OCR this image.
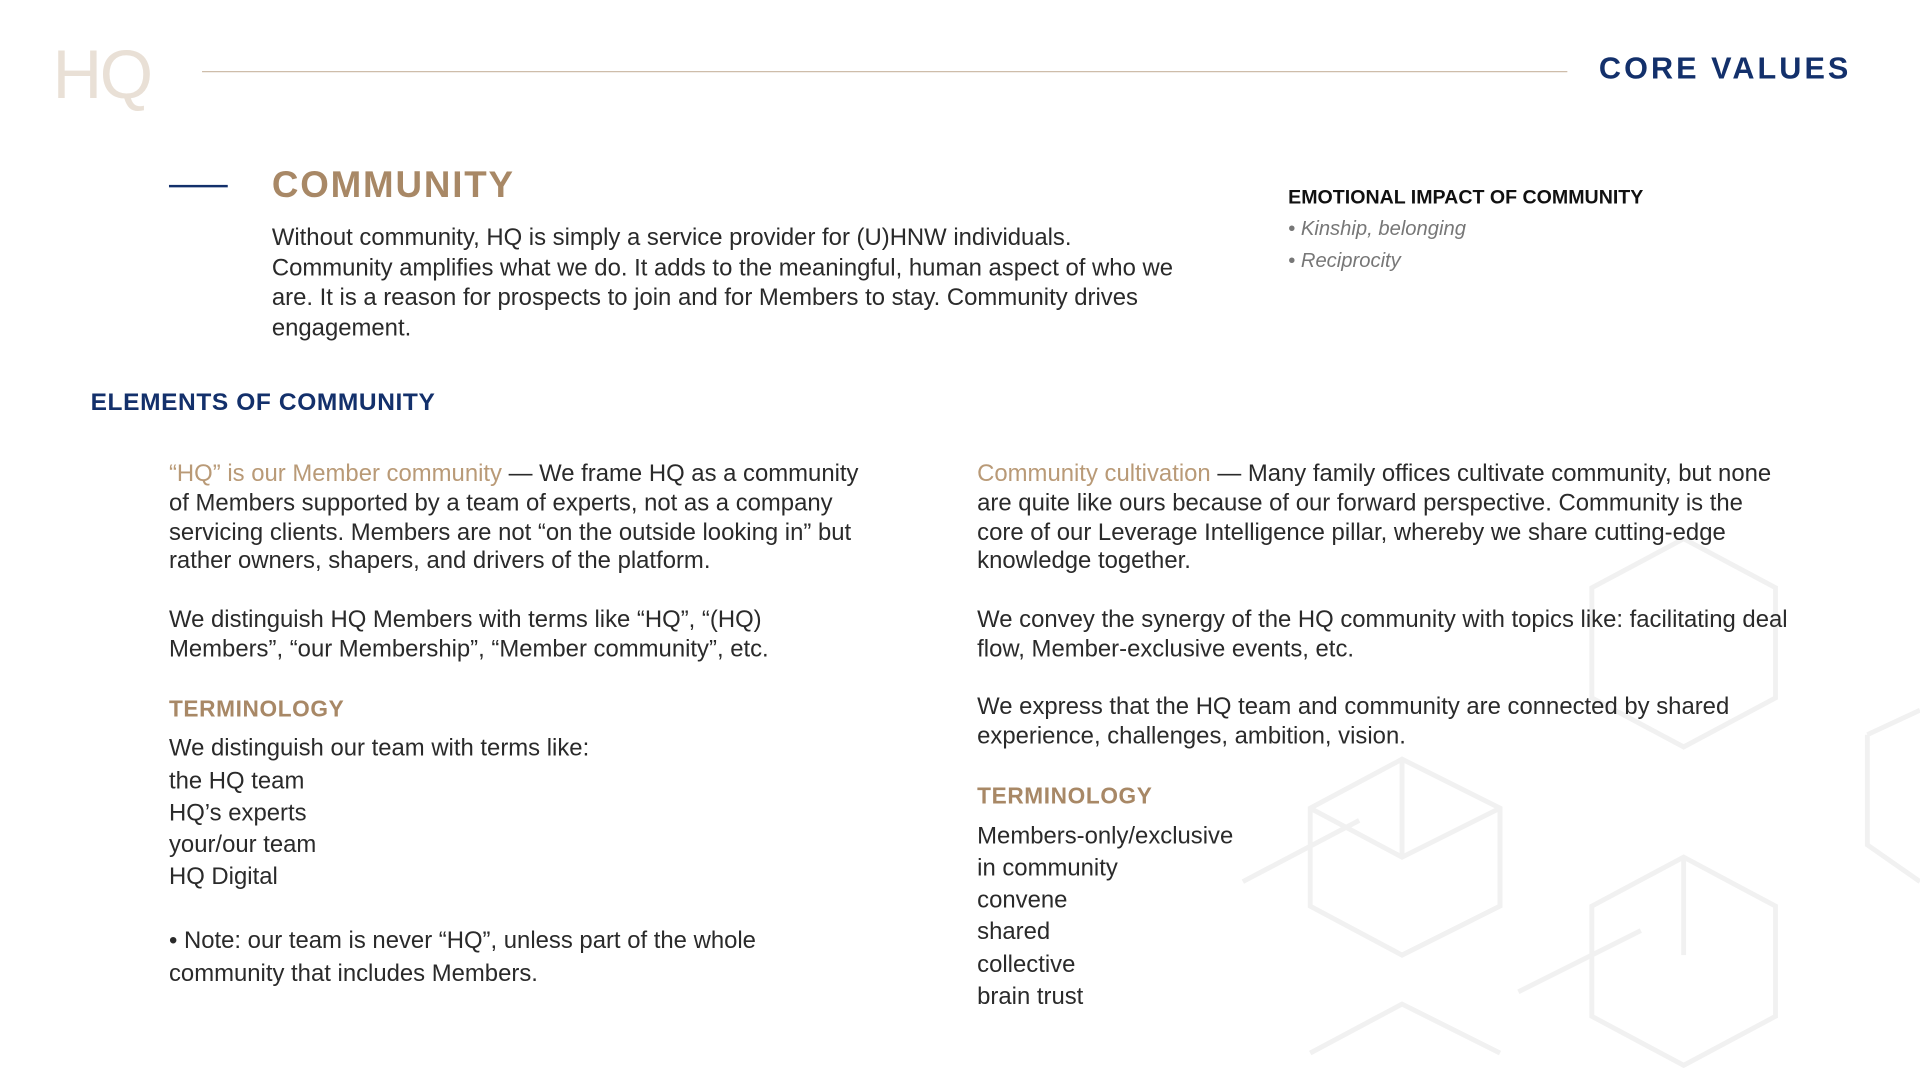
HQ	CORE VALUES
COMMUNITY

Without community, HQ is simply a service provider for (U)HNW individuals. Community amplifies what we do. It adds to the meaningful, human aspect of who we are. It is a reason for prospects to join and for Members to stay. Community drives engagement.

EMOTIONAL IMPACT OF COMMUNITY
• Kinship, belonging
• Reciprocity
ELEMENTS OF COMMUNITY

“HQ” is our Member community — We frame HQ as a community of Members supported by a team of experts, not as a company servicing clients. Members are not “on the outside looking in” but rather owners, shapers, and drivers of the platform.

We distinguish HQ Members with terms like “HQ”, “(HQ) Members”, “our Membership”, “Member community”, etc.

TERMINOLOGY
We distinguish our team with terms like:
the HQ team
HQ’s experts
your/our team
HQ Digital

• Note: our team is never “HQ”, unless part of the whole community that includes Members.

Community cultivation — Many family offices cultivate community, but none are quite like ours because of our forward perspective. Community is the core of our Leverage Intelligence pillar, whereby we share cutting-edge knowledge together.

We convey the synergy of the HQ community with topics like: facilitating deal flow, Member-exclusive events, etc.

We express that the HQ team and community are connected by shared experience, challenges, ambition, vision.

TERMINOLOGY
Members-only/exclusive
in community
convene
shared
collective
brain trust
